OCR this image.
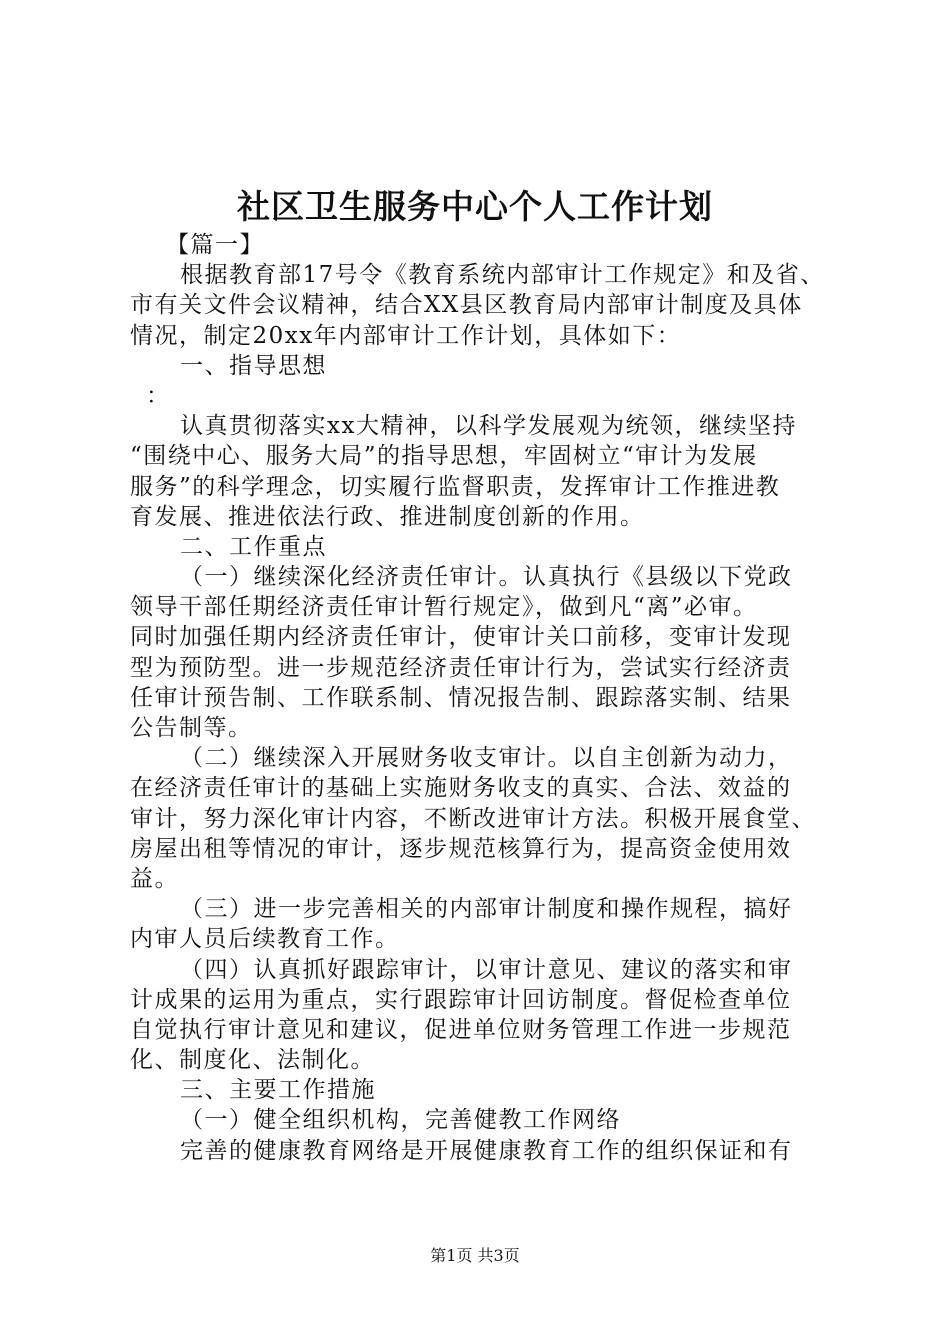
社区卫生服务中心个人工作计划
【篇一】
根据教育部17号令《教育系统内部审计工作规定》和及省、
市有关文件会议精神，结合XX县区教育局内部审计制度及具体
情况，制定20xx年内部审计工作计划，具体如下：
一、指导思想
：
认真贯彻落实xx大精神，以科学发展观为统领，继续坚持
“围绕中心、服务大局”的指导思想，牢固树立“审计为发展
服务”的科学理念，切实履行监督职责，发挥审计工作推进教
育发展、推进依法行政、推进制度创新的作用。
二、工作重点
（一）继续深化经济责任审计。认真执行《县级以下党政
领导干部任期经济责任审计暂行规定》，做到凡“离”必审。
同时加强任期内经济责任审计，使审计关口前移，变审计发现
型为预防型。进一步规范经济责任审计行为，尝试实行经济责
任审计预告制、工作联系制、情况报告制、跟踪落实制、结果
公告制等。
（二）继续深入开展财务收支审计。以自主创新为动力，
在经济责任审计的基础上实施财务收支的真实、合法、效益的
审计，努力深化审计内容，不断改进审计方法。积极开展食堂、
房屋出租等情况的审计，逐步规范核算行为，提高资金使用效
益。
（三）进一步完善相关的内部审计制度和操作规程，搞好
内审人员后续教育工作。
（四）认真抓好跟踪审计，以审计意见、建议的落实和审
计成果的运用为重点，实行跟踪审计回访制度。督促检查单位
自觉执行审计意见和建议，促进单位财务管理工作进一步规范
化、制度化、法制化。
三、主要工作措施
（一）健全组织机构，完善健教工作网络
完善的健康教育网络是开展健康教育工作的组织保证和有
第1页 共3页
